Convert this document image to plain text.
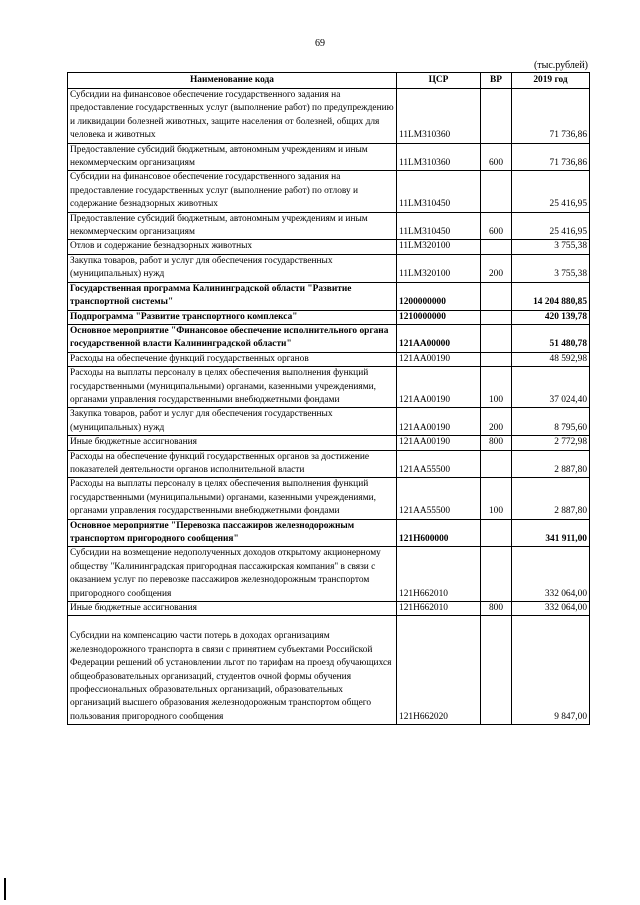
69
(тыс.рублей)
Наименование кода	ЦСР	ВР	2019 год
Субсидии на финансовое обеспечение государственного задания на предоставление государственных услуг (выполнение работ) по предупреждению и ликвидации болезней животных, защите населения от болезней, общих для человека и животных	11LM310360		71 736,86
Предоставление субсидий бюджетным, автономным учреждениям и иным некоммерческим организациям	11LM310360	600	71 736,86
Субсидии на финансовое обеспечение государственного задания на предоставление государственных услуг (выполнение работ) по отлову и содержание безнадзорных животных	11LM310450		25 416,95
Предоставление субсидий бюджетным, автономным учреждениям и иным некоммерческим организациям	11LM310450	600	25 416,95
Отлов и содержание безнадзорных животных	11LM320100		3 755,38
Закупка товаров, работ и услуг для обеспечения государственных (муниципальных) нужд	11LM320100	200	3 755,38
Государственная программа Калининградской области "Развитие транспортной системы"	1200000000		14 204 880,85
Подпрограмма "Развитие транспортного комплекса"	1210000000		420 139,78
Основное мероприятие "Финансовое обеспечение исполнительного органа государственной власти Калининградской области"	121АА00000		51 480,78
Расходы на обеспечение функций государственных органов	121АА00190		48 592,98
Расходы на выплаты персоналу в целях обеспечения выполнения функций государственными (муниципальными) органами, казенными учреждениями, органами управления государственными внебюджетными фондами	121АА00190	100	37 024,40
Закупка товаров, работ и услуг для обеспечения государственных (муниципальных) нужд	121АА00190	200	8 795,60
Иные бюджетные ассигнования	121АА00190	800	2 772,98
Расходы на обеспечение функций государственных органов за достижение показателей деятельности органов исполнительной власти	121АА55500		2 887,80
Расходы на выплаты персоналу в целях обеспечения выполнения функций государственными (муниципальными) органами, казенными учреждениями, органами управления государственными внебюджетными фондами	121АА55500	100	2 887,80
Основное мероприятие "Перевозка пассажиров железнодорожным транспортом пригородного сообщения"	121Н600000		341 911,00
Субсидии на возмещение недополученных доходов открытому акционерному обществу "Калининградская пригородная пассажирская компания" в связи с оказанием услуг по перевозке пассажиров железнодорожным транспортом пригородного сообщения	121Н662010		332 064,00
Иные бюджетные ассигнования	121Н662010	800	332 064,00
Субсидии на компенсацию части потерь в доходах организациям железнодорожного транспорта в связи с принятием субъектами Российской Федерации решений об установлении льгот по тарифам на проезд обучающихся общеобразовательных организаций, студентов очной формы обучения профессиональных образовательных организаций, образовательных организаций высшего образования железнодорожным транспортом общего пользования пригородного сообщения	121Н662020		9 847,00
